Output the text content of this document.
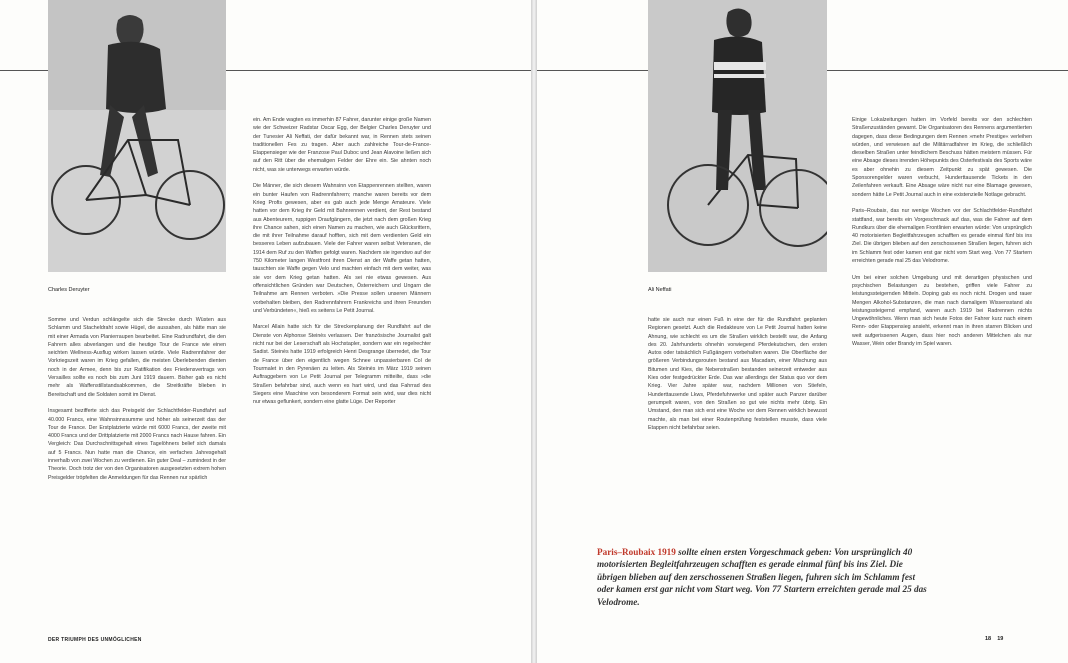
Charles Deruyter

Somme und Verdun schlängelte sich die Strecke durch Wüsten aus Schlamm und Stacheldraht sowie Hügel, die aussahen, als hätte man sie mit einer Armada von Planierraupen bearbeitet. Eine Radrundfahrt, die den Fahrern alles abverlangen und die heutige Tour de France wie einen seichten Wellness-Ausflug wirken lassen würde. Viele Radrennfahrer der Vorkriegszeit waren im Krieg gefallen, die meisten Überlebenden dienten noch in der Armee, denn bis zur Ratifikation des Friedensvertrags von Versailles sollte es noch bis zum Juni 1919 dauern. Bisher gab es nicht mehr als Waffenstillstandsabkommen, die Streitkräfte blieben in Bereitschaft und die Soldaten somit im Dienst.

Insgesamt bezifferte sich das Preisgeld der Schlachtfelder-Rundfahrt auf 40.000 Francs, eine Wahnsinnssumme und höher als seinerzeit das der Tour de France. Der Erstplatzierte würde mit 6000 Francs, der zweite mit 4000 Francs und der Drittplatzierte mit 2000 Francs nach Hause fahren. Ein Vergleich: Das Durchschnittsgehalt eines Tagelöhners belief sich damals auf 5 Francs. Nun hatte man die Chance, ein verfaches Jahresgehalt innerhalb von zwei Wochen zu verdienen. Ein guter Deal – zumindest in der Theorie. Doch trotz der von den Organisatoren ausgesetzten extrem hohen Preisgelder tröpfelten die Anmeldungen für das Rennen nur spärlich

ein. Am Ende wagten es immerhin 87 Fahrer, darunter einige große Namen wie der Schweizer Radstar Oscar Egg, der Belgier Charles Deruyter und der Tunesier Ali Neffati, der dafür bekannt war, in Rennen stets seinen traditionellen Fes zu tragen. Aber auch zahlreiche Tour-de-France-Etappensieger wie der Franzose Paul Duboc und Jean Alavoine ließen sich auf den Ritt über die ehemaligen Felder der Ehre ein. Sie ahnten noch nicht, was sie unterwegs erwarten würde.

Die Männer, die sich diesem Wahnsinn von Etappenrennen stellten, waren ein bunter Haufen von Radrennfahrern; manche waren bereits vor dem Krieg Profis gewesen, aber es gab auch jede Menge Amateure. Viele hatten vor dem Krieg ihr Geld mit Bahnrennen verdient, der Rest bestand aus Abenteurern, ruppigen Draufgängern, die jetzt nach dem großen Krieg ihre Chance sahen, sich einen Namen zu machen, wie auch Glücksrittern, die mit ihrer Teilnahme darauf hofften, sich mit dem verdienten Geld ein besseres Leben aufzubauen. Viele der Fahrer waren selbst Veteranen, die 1914 dem Ruf zu den Waffen gefolgt waren. Nachdem sie irgendwo auf der 750 Kilometer langen Westfront ihren Dienst an der Waffe getan hatten, tauschten sie Waffe gegen Velo und machten einfach mit dem weiter, was sie vor dem Krieg getan hatten. Als sei nie etwas gewesen. Aus offensichtlichen Gründen war Deutschen, Österreichern und Ungarn die Teilnahme am Rennen verboten. »Die Presse sollen unseren Männern vorbehalten bleiben, den Radrennfahrern Frankreichs und ihren Freunden und Verbündeten«, hieß es seitens Le Petit Journal.

Marcel Allain hatte sich für die Streckenplanung der Rundfahrt auf die Dienste von Alphonse Steinès verlassen. Der französische Journalist galt nicht nur bei der Leserschaft als Hochstapler, sondern war ein regelrechter Sadist. Steinès hatte 1919 erfolgreich Henri Desgrange überredet, die Tour de France über den eigentlich wegen Schnee unpassierbaren Col de Tourmalet in den Pyrenäen zu leiten. Als Steinès im März 1919 seinen Auftraggebern von Le Petit Journal per Telegramm mitteilte, dass »die Straßen befahrbar sind, auch wenn es hart wird, und das Fahrrad des Siegers eine Maschine von besonderem Format sein wird, war dies nicht nur etwas geflunkert, sondern eine glatte Lüge. Der Reporter

DER TRIUMPH DES UNMÖGLICHEN
Ali Neffati

hatte sie auch nur einen Fuß in eine der für die Rundfahrt geplanten Regionen gesetzt. Auch die Redakteure von Le Petit Journal hatten keine Ahnung, wie schlecht es um die Straßen wirklich bestellt war, die Anfang des 20. Jahrhunderts ohnehin vorwiegend Pferdekutschen, den ersten Autos oder tatsächlich Fußgängern vorbehalten waren. Die Oberfläche der größeren Verbindungsrouten bestand aus Macadam, einer Mischung aus Bitumen und Kies, die Nebenstraßen bestanden seinerzeit entweder aus Kies oder festgedrückter Erde. Das war allerdings der Status quo vor dem Krieg. Vier Jahre später war, nachdem Millionen von Stiefeln, Hunderttausende Lkws, Pferdefuhrwerke und später auch Panzer darüber gerumpelt waren, von den Straßen so gut wie nichts mehr übrig. Ein Umstand, den man sich erst eine Woche vor dem Rennen wirklich bewusst machte, als man bei einer Routenprüfung feststellen musste, dass viele Etappen nicht befahrbar seien.

Einige Lokalzeitungen hatten im Vorfeld bereits vor den schlechten Straßenzuständen gewarnt. Die Organisatoren des Rennens argumentierten dagegen, dass diese Bedingungen dem Rennen »mehr Prestige« verleihen würden, und verwiesen auf die Militärradfahrer im Krieg, die schließlich dieselben Straßen unter feindlichem Beschuss hätten meistern müssen. Für eine Absage dieses irrenden Höhepunkts des Osterfestivals des Sports wäre es aber ohnehin zu diesem Zeitpunkt zu spät gewesen. Die Sponsorengelder waren verbucht, Hunderttausende Tickets in den Zeilenfahren verkauft. Eine Absage wäre nicht nur eine Blamage gewesen, sondern hätte Le Petit Journal auch in eine existenzielle Notlage gebracht.

Paris–Roubaix, das nur wenige Wochen vor der Schlachtfelder-Rundfahrt stattfand, war bereits ein Vorgeschmack auf das, was die Fahrer auf dem Rundkurs über die ehemaligen Frontlinien erwarten würde: Von ursprünglich 40 motorisierten Begleitfahrzeugen schafften es gerade einmal fünf bis ins Ziel. Die übrigen blieben auf den zerschossenen Straßen liegen, fuhren sich im Schlamm fest oder kamen erst gar nicht vom Start weg. Von 77 Startern erreichten gerade mal 25 das Velodrome.

Um bei einer solchen Umgebung und mit derartigen physischen und psychischen Belastungen zu bestehen, griffen viele Fahrer zu leistungssteigernden Mitteln. Doping gab es noch nicht. Drogen und rauer Mengen Alkohol-Substanzen, die man nach damaligem Wissensstand als leistungssteigernd empfand, waren auch 1919 bei Radrennen nichts Ungewöhnliches. Wenn man sich heute Fotos der Fahrer kurz nach einem Renn- oder Etappensieg ansieht, erkennt man in ihren starren Blicken und weit aufgerissenen Augen, dass hier noch anderen Mittelchen als nur Wasser, Wein oder Brandy im Spiel waren.

Paris–Roubaix 1919 sollte einen ersten Vorgeschmack geben: Von ursprünglich 40 motorisierten Begleitfahrzeugen schafften es gerade einmal fünf bis ins Ziel. Die übrigen blieben auf den zerschossenen Straßen liegen, fuhren sich im Schlamm fest oder kamen erst gar nicht vom Start weg. Von 77 Startern erreichten gerade mal 25 das Velodrome.
18    19
